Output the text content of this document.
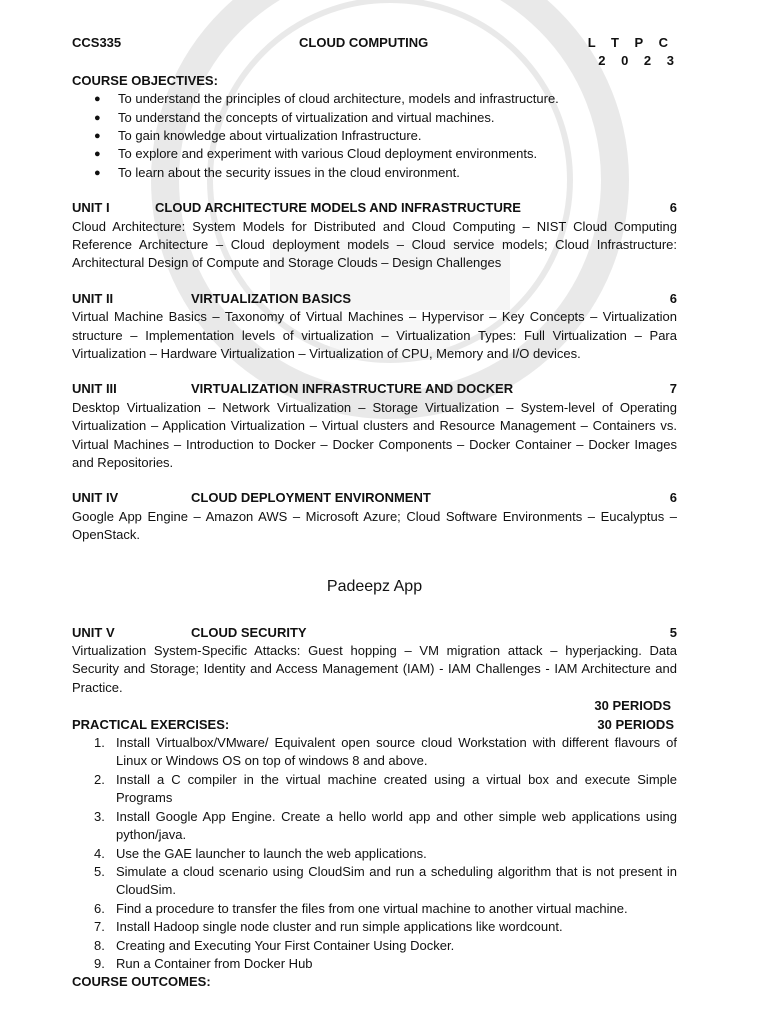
CCS335	CLOUD COMPUTING	L T P C
2 0 2 3
COURSE OBJECTIVES:
● To understand the principles of cloud architecture, models and infrastructure.
● To understand the concepts of virtualization and virtual machines.
● To gain knowledge about virtualization Infrastructure.
● To explore and experiment with various Cloud deployment environments.
● To learn about the security issues in the cloud environment.
UNIT I	CLOUD ARCHITECTURE MODELS AND INFRASTRUCTURE	6
Cloud Architecture: System Models for Distributed and Cloud Computing – NIST Cloud Computing Reference Architecture – Cloud deployment models – Cloud service models; Cloud Infrastructure: Architectural Design of Compute and Storage Clouds – Design Challenges
UNIT II	VIRTUALIZATION BASICS	6
Virtual Machine Basics – Taxonomy of Virtual Machines – Hypervisor – Key Concepts – Virtualization structure – Implementation levels of virtualization – Virtualization Types: Full Virtualization – Para Virtualization – Hardware Virtualization – Virtualization of CPU, Memory and I/O devices.
UNIT III	VIRTUALIZATION INFRASTRUCTURE AND DOCKER	7
Desktop Virtualization – Network Virtualization – Storage Virtualization – System-level of Operating Virtualization – Application Virtualization – Virtual clusters and Resource Management – Containers vs. Virtual Machines – Introduction to Docker – Docker Components – Docker Container – Docker Images and Repositories.
UNIT IV	CLOUD DEPLOYMENT ENVIRONMENT	6
Google App Engine – Amazon AWS – Microsoft Azure; Cloud Software Environments – Eucalyptus – OpenStack.
Padeepz App
UNIT V	CLOUD SECURITY	5
Virtualization System-Specific Attacks: Guest hopping – VM migration attack – hyperjacking. Data Security and Storage; Identity and Access Management (IAM) - IAM Challenges - IAM Architecture and Practice.
30 PERIODS
PRACTICAL EXERCISES:	30 PERIODS
1. Install Virtualbox/VMware/ Equivalent open source cloud Workstation with different flavours of Linux or Windows OS on top of windows 8 and above.
2. Install a C compiler in the virtual machine created using a virtual box and execute Simple Programs
3. Install Google App Engine. Create a hello world app and other simple web applications using python/java.
4. Use the GAE launcher to launch the web applications.
5. Simulate a cloud scenario using CloudSim and run a scheduling algorithm that is not present in CloudSim.
6. Find a procedure to transfer the files from one virtual machine to another virtual machine.
7. Install Hadoop single node cluster and run simple applications like wordcount.
8. Creating and Executing Your First Container Using Docker.
9. Run a Container from Docker Hub
COURSE OUTCOMES:
